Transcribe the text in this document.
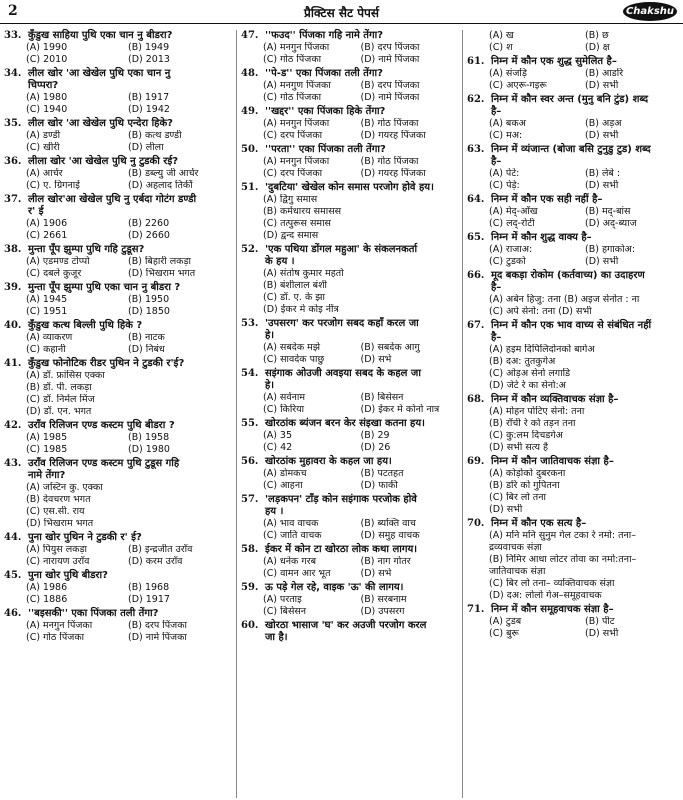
2	प्रैक्टिस सैट पेपर्स	Chakshu
33. कुँडुख साहिया पुथि एका चान नु बीडरा?
(A) 1990	(B) 1949
(C) 2010	(D) 2013
34. लील खोर 'आ खेखेल पुथि एका चान नु
चिप्परा?
(A) 1980	(B) 1917
(C) 1940	(D) 1942
35. लील खोर 'आ खेखेल पुथि एन्देरा हिके?
(A) डण्डी	(B) कत्थ डण्डी
(C) खीरी	(D) लीला
36. लीला खोर 'आ खेखेल पुथि नु टुडकी रई?
(A) आर्चर	(B) डब्ल्यु जी आर्चर
(C) ए. ग्रिगनाई	(D) अहलाद तिर्की
37. लील खोर'आ खेखेल पुथि नु एर्बदा गोटंग डण्डी
र' ई
(A) 1906	(B) 2260
(C) 2661	(D) 2660
38. मुन्ता पूँप झुम्पा पुथि गहि टुडूस?
(A) एडमण्ड टोप्पो	(B) बिहारी लकड़ा
(C) दबले कुजूर	(D) भिखराम भगत
39. मुन्ता पूँप झुम्पा पुथि एका चान नु बीडरा ?
(A) 1945	(B) 1950
(C) 1951	(D) 1850
40. कुँडुख कत्थ बिल्ली पुथि हिके ?
(A) व्याकरण	(B) नाटक
(C) कहानी	(D) निबंध
41. कुँडुख फोनोटिक रीडर पुथिन ने टुडकी र'ई?
(A) डॉ. फ्रांसिस एक्का
(B) डॉ. पी. लकड़ा
(C) डॉ. निर्मल मिंज
(D) डॉ. एन. भगत
42. उराँव रिलिजन एण्ड कस्टम पुथि बीडरा ?
(A) 1985	(B) 1958
(C) 1985	(D) 1980
43. उराँव रिलिजन एण्ड कस्टम पुथि टुडूस गहि
नामे तेंगा?
(A) जस्टिन कु. एक्का
(B) देवचरण भगत
(C) एस.सी. राय
(D) भिखराम भगत
44. पुना खोर पुथिन ने टुडकी र' ई?
(A) पियुस लकड़ा	(B) इन्द्रजीत उराँव
(C) नारायण उराँव	(D) करम उराँव
45. पुना खोर पुथि बीडरा?
(A) 1986	(B) 1968
(C) 1886	(D) 1917
46. ''बइसकी'' एका पिंजका तली तेंगा?
(A) मनगुन पिंजका	(B) दरप पिंजका
(C) गोठ पिंजका	(D) नामे पिंजका
47. ''फउद'' पिंजका गहि नामे तेंगा?
(A) मनगुन पिंजका	(B) दरप पिंजका
(C) गोठ पिंजका	(D) नामे पिंजका
48. ''पे-ड'' एका पिंजका तली तेंगा?
(A) मनगुण पिंजका	(B) दरप पिंजका
(C) गोठ पिंजका	(D) नामे पिंजका
49. ''खद्दर'' एका पिंजका हिके तेंगा?
(A) मनगुन पिंजका	(B) गोठ पिंजका
(C) दरप पिंजका	(D) गयरह पिंजका
50. ''परता'' एका पिंजका तली तेंगा?
(A) मनगुन पिंजका	(B) गोठ पिंजका
(C) दरप पिंजका	(D) गयरह पिंजका
51. 'दुबटिया' खेखेल कोन समास परजोग होवे हय।
(A) द्विगु समास
(B) कर्मधारय समासस
(C) तत्पुरूस समास
(D) द्वन्द समास
52. 'एक पथिया डोंगल महुआ' के संकलनकर्ता
के हय ।
(A) संतोष कुमार महतो
(B) बंशीलाल बंशी
(C) डॉ. ए. के झा
(D) ईकर मे कोइ नींत्र
53. 'उपसरग' कर परजोग सबद कहाँ करल जा
हे।
(A) सबदेक मझे	(B) सबदेक आगु
(C) सावदेक पाछु	(D) सभे
54. सइंगाक ओउजी अवइया सबद के कहल जा
हे।
(A) सर्वनाम	(B) बिसेसन
(C) किरिया	(D) ईकर मे कोनो नात्र
55. खोरठांक ब्यंजन बरन केर संइखा कतना हय।
(A) 35	(B) 29
(C) 42	(D) 26
56. खोरठांक मुहावरा के कहल जा हय।
(A) डोमकच	(B) पटतहत
(C) आहना	(D) फाकी
57. 'लड़कपन' टाँड़ कोन सइंगाक परजोक होवे
हय ।
(A) भाव वाचक	(B) ब्यक्ति वाच
(C) जाति वाचक	(D) समुह वाचक
58. ईकर में कोन टा खोरठा लोक कथा लागय।
(A) धनेक गरब	(B) नाग गोतर
(C) वामन आर भूत	(D) सभे
59. ऊ पड़े गेल रहे, वाइक 'ऊ' की लागय।
(A) परताइ	(B) सरबनाम
(C) बिसेसन	(D) उपसरग
60. खोरठा भासाज 'घ' कर अउजी परजोग करल
जा है।
(A) ख	(B) छ
(C) श	(D) क्ष
61. निम्न में कौन एक शुद्ध सुमेलित है–
(A) संजड़ि	(B) आडरि
(C) अएरू-गइरू	(D) सभी
62. निम्न में कौन स्वर अन्त (मुनु बनि टुंड) शब्द
है–
(A) बकअ	(B) अड़अ
(C) मअ:	(D) सभी
63. निम्न में व्यंजान्त (बोजा बसि टुनुडु टुड) शब्द
है–
(A) पेटे:	(B) लेबे :
(C) पेड़े:	(D) सभी
64. निम्न में कौन एक सही नहीं है–
(A) मेद्-आँख	(B) मद्-बांस
(C) लद्-रोटी	(D) अद्-ब्याज
65. निम्न में कौन शुद्ध वाक्य है–
(A) राजाअ:	(B) हगाकोअ:
(C) टुडको	(D) सभी
66. मूद बकड़ा रोकोम (कर्तवाच्य) का उदाहरण
है–
(A) अबेन हिजु: तना (B) अइज सेनोत : ना
(C) अपे सेनो: तना (D) सभी
67. निम्न में कौन एक भाव वाच्य से संबंधित नहीं
है–
(A) हइम दिपिलिदोनको बागेअ
(B) दअ: तुतकुगेअ
(C) ओड़अ सेनो लगाडि
(D) जेटे रे का सेनो:अ
68. निम्न में कौन व्यक्तिवाचक संज्ञा है–
(A) मोहन पोटिए सेनो: तना
(B) राँची रे को तड़न तना
(C) कु:लम दिचडगेअ
(D) सभी सत्य है
69. निम्न में कौन जातिवाचक संज्ञा है–
(A) कोड़ोको दुबरकना
(B) डरि को गुपितना
(C) बिर लो तना
(D) सभी
70. निम्न में कौन एक सत्य है–
(A) मनि मनि सुनुम गेल टका रे नमो: तना–
द्रव्यवाचक संज्ञा
(B) निमिर आधा लोटर तोवा का नमो:तना–
जातिवाचक संज्ञा
(C) बिर लो तना– व्यक्तिवाचक संज्ञा
(D) दअ: लोलो गेअ–समूहवाचक
71. निम्न में कौन समूहवाचक संज्ञा है–
(A) टुडब	(B) पीट
(C) बुरू	(D) सभी
